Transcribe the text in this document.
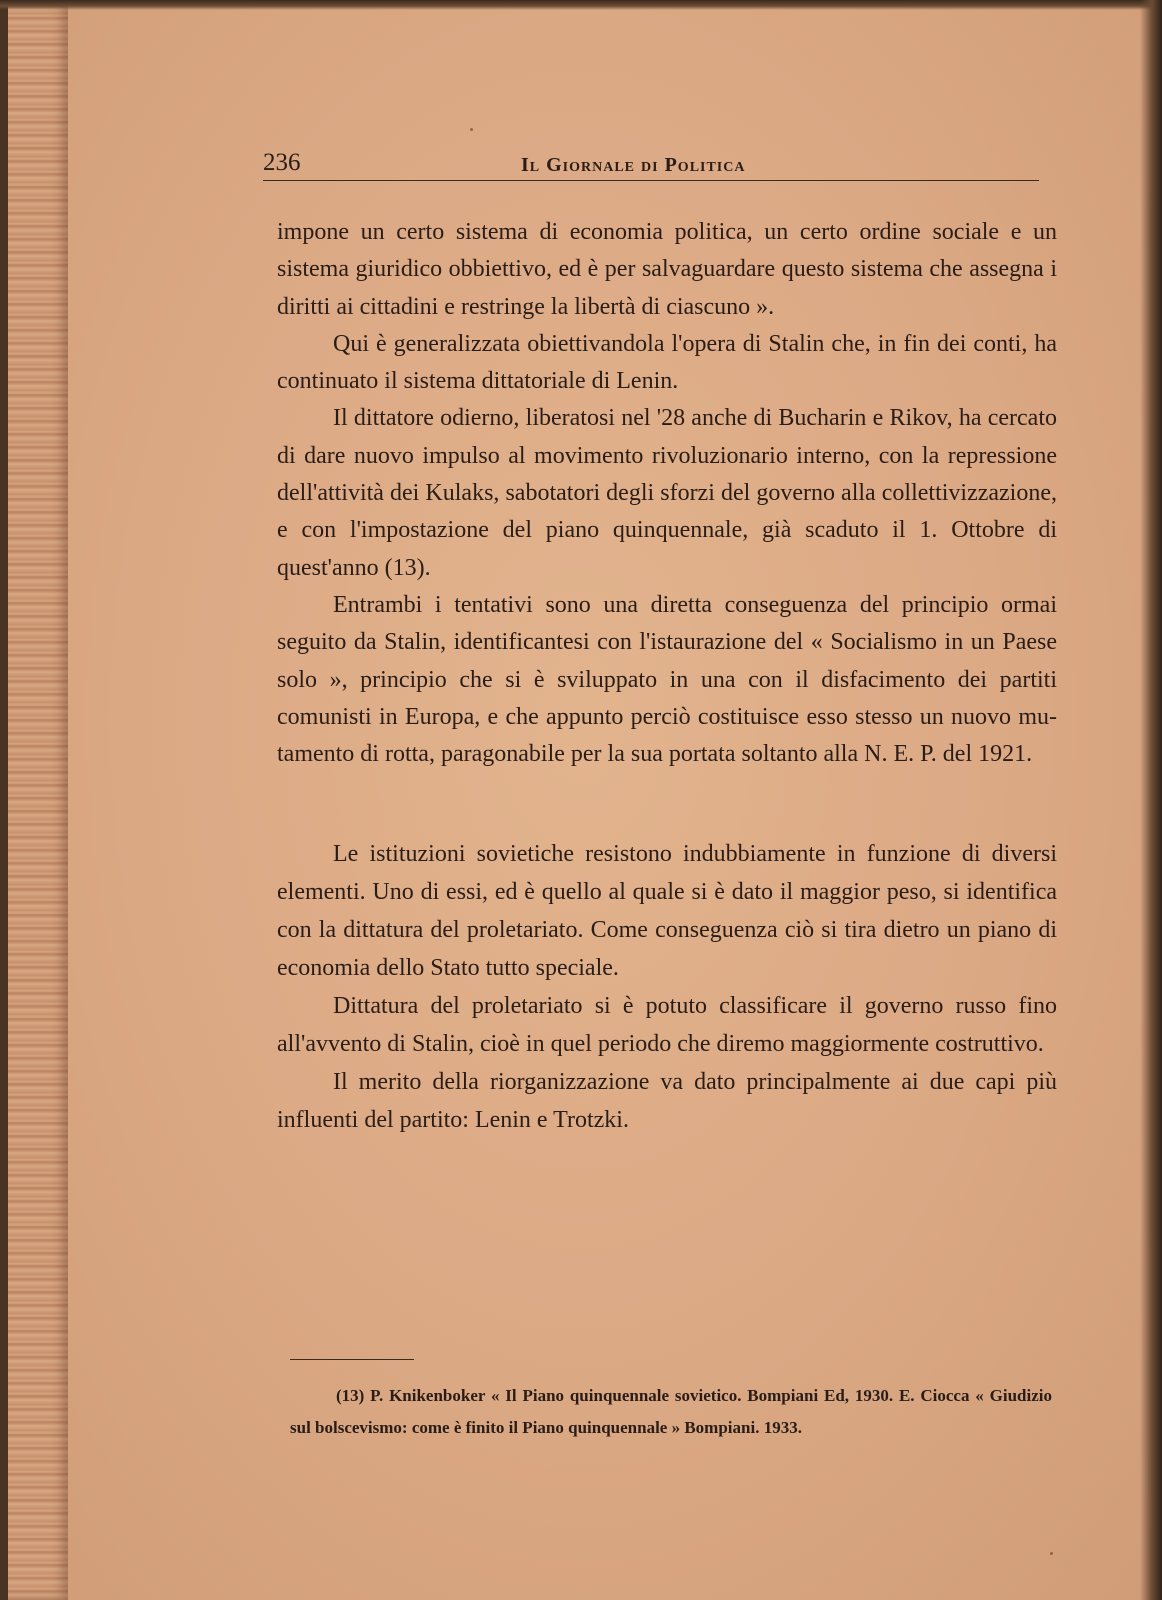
236	Il Giornale di Politica

impone un certo sistema di economia politica, un certo ordine sociale e un sistema giuridico obbiettivo, ed è per salvaguardare questo sistema che assegna i diritti ai cittadini e restringe la libertà di ciascuno ».

Qui è generalizzata obiettivandola l'opera di Stalin che, in fin dei conti, ha continuato il sistema dittatoriale di Lenin.

Il dittatore odierno, liberatosi nel '28 anche di Bucharin e Rikov, ha cercato di dare nuovo impulso al movimento rivoluzionario interno, con la repressione dell'attività dei Kulaks, sabotatori degli sforzi del governo alla collettivizzazione, e con l'impostazione del piano quinquennale, già scaduto il 1. Ottobre di quest'anno (13).

Entrambi i tentativi sono una diretta conseguenza del principio ormai seguito da Stalin, identificantesi con l'istaurazione del « Socialismo in un Paese solo », principio che si è sviluppato in una con il disfacimento dei partiti comunisti in Europa, e che appunto perciò costituisce esso stesso un nuovo mutamento di rotta, paragonabile per la sua portata soltanto alla N. E. P. del 1921.

Le istituzioni sovietiche resistono indubbiamente in funzione di diversi elementi. Uno di essi, ed è quello al quale si è dato il maggior peso, si identifica con la dittatura del proletariato. Come conseguenza ciò si tira dietro un piano di economia dello Stato tutto speciale.

Dittatura del proletariato si è potuto classificare il governo russo fino all'avvento di Stalin, cioè in quel periodo che diremo maggiormente costruttivo.

Il merito della riorganizzazione va dato principalmente ai due capi più influenti del partito: Lenin e Trotzki.

(13) P. Knikenboker « Il Piano quinquennale sovietico. Bompiani Ed, 1930. E. Ciocca « Giudizio sul bolscevismo: come è finito il Piano quinquennale » Bompiani. 1933.
